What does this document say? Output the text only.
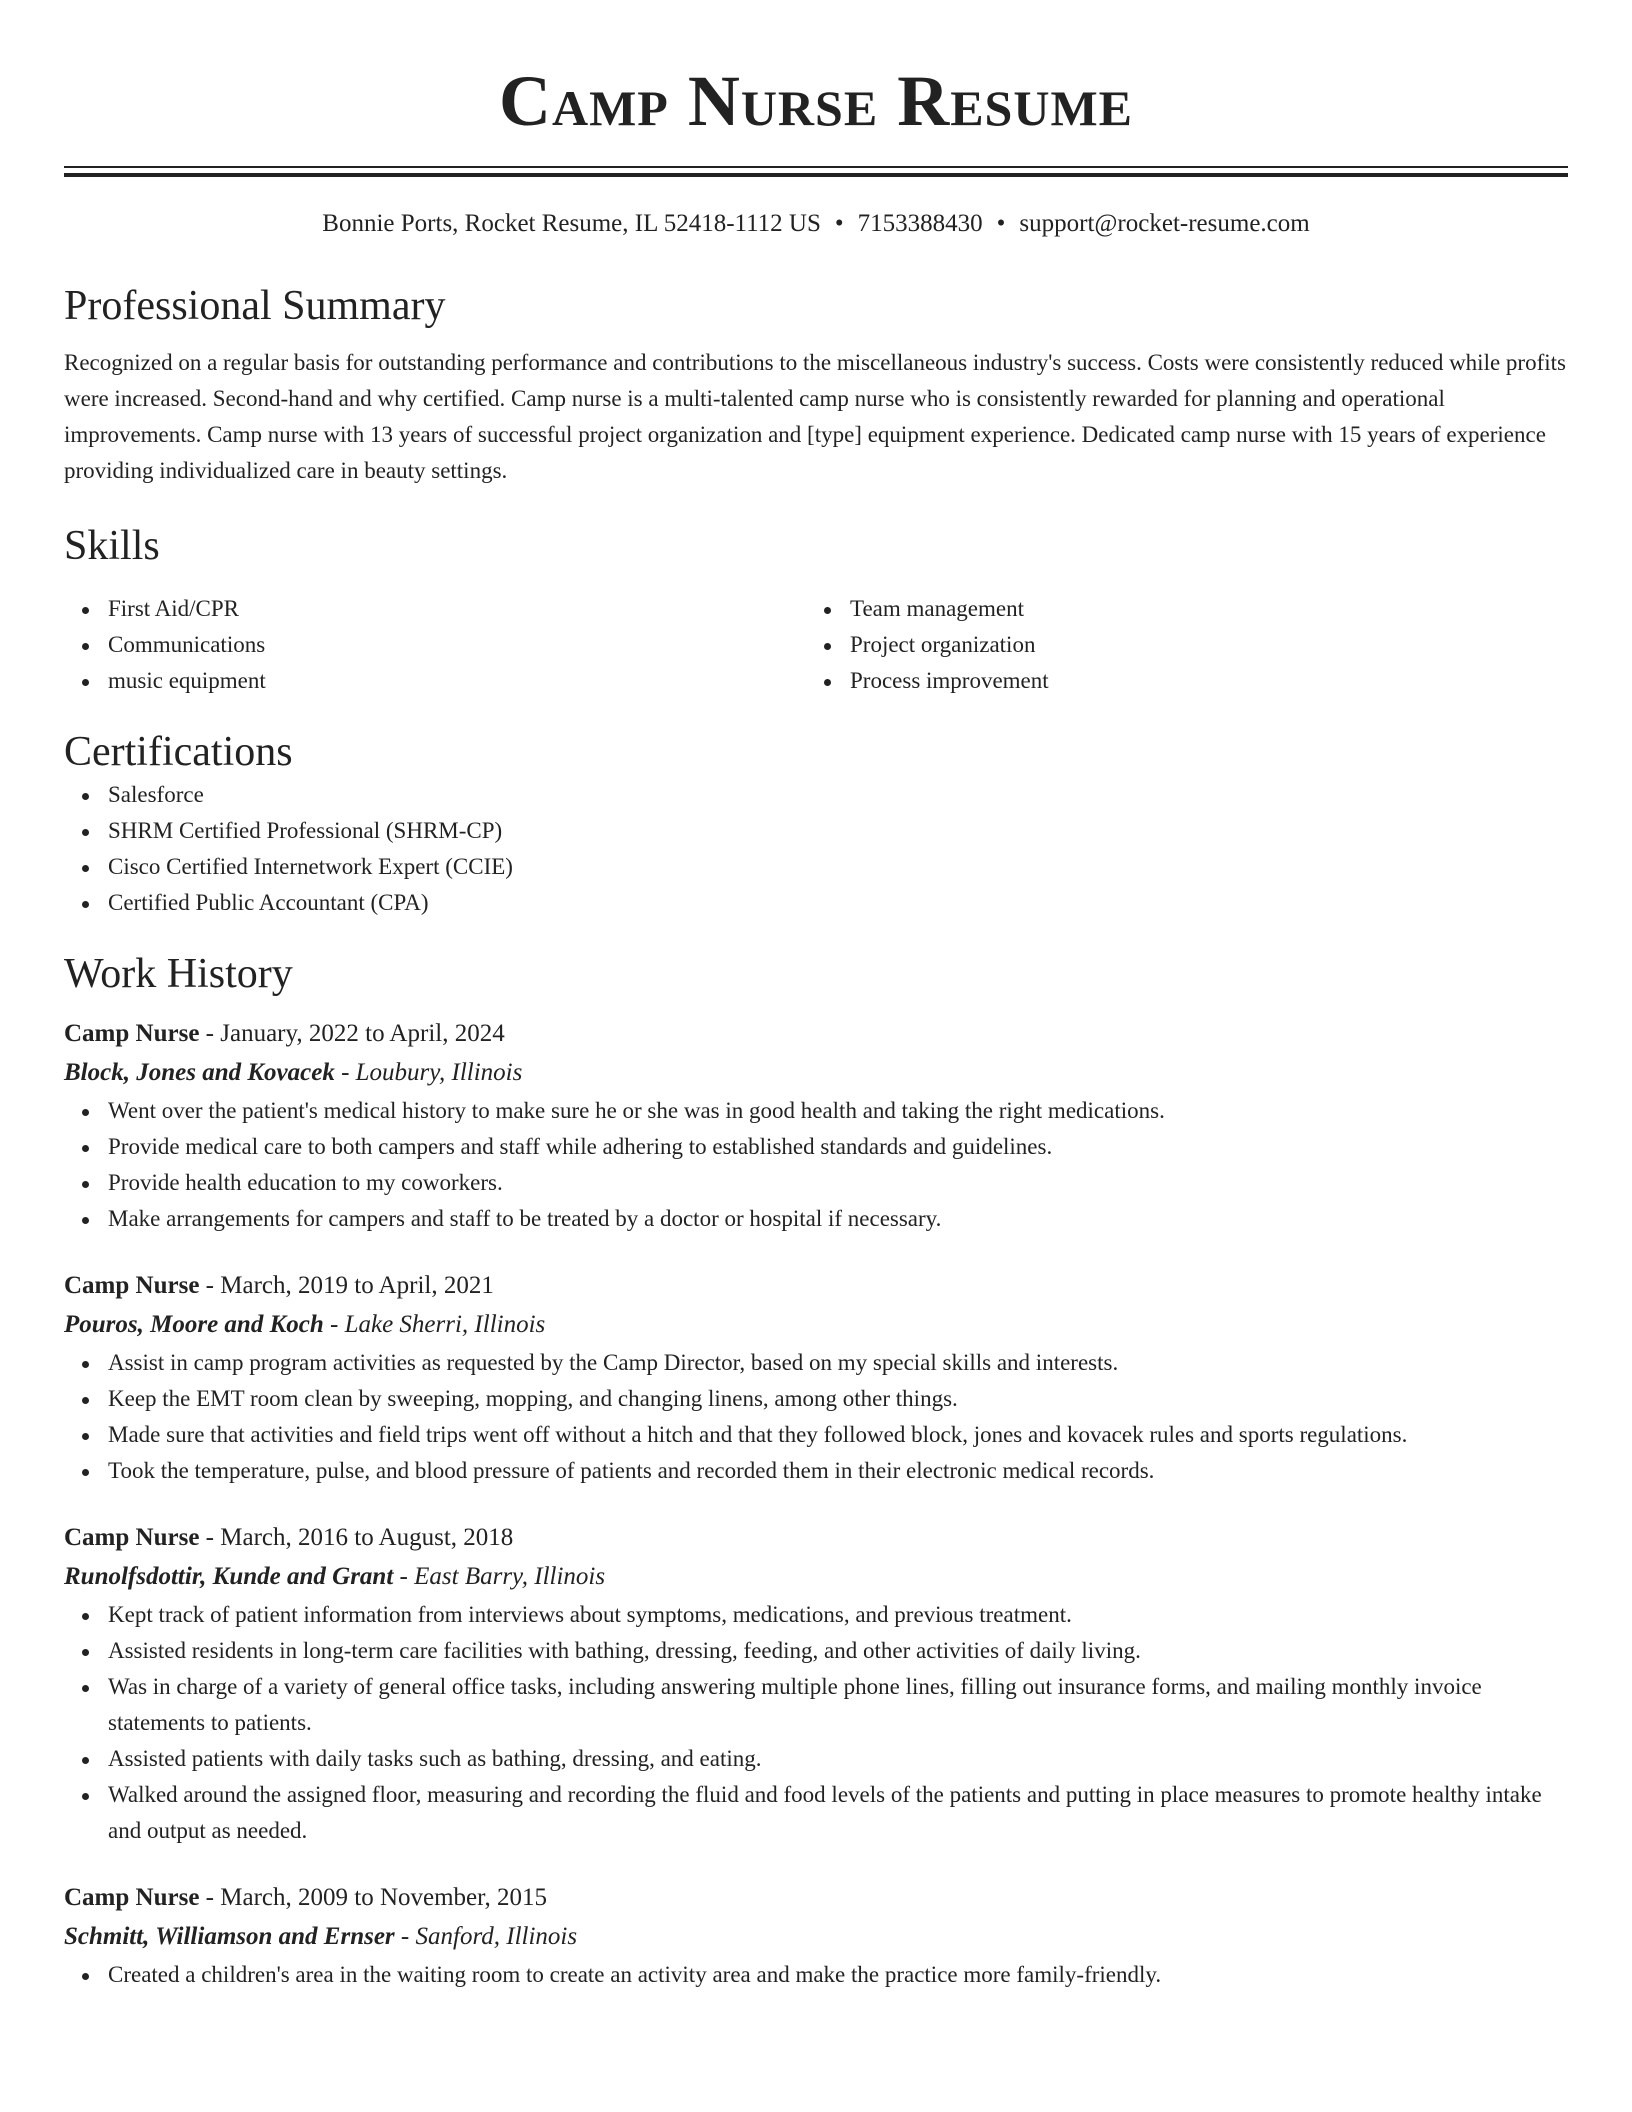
Camp Nurse Resume
Bonnie Ports, Rocket Resume, IL 52418-1112 US • 7153388430 • support@rocket-resume.com
Professional Summary

Recognized on a regular basis for outstanding performance and contributions to the miscellaneous industry's success. Costs were consistently reduced while profits were increased. Second-hand and why certified. Camp nurse is a multi-talented camp nurse who is consistently rewarded for planning and operational improvements. Camp nurse with 13 years of successful project organization and [type] equipment experience. Dedicated camp nurse with 15 years of experience providing individualized care in beauty settings.

Skills
First Aid/CPR
Communications
music equipment
Team management
Project organization
Process improvement
Certifications
Salesforce
SHRM Certified Professional (SHRM-CP)
Cisco Certified Internetwork Expert (CCIE)
Certified Public Accountant (CPA)
Work History
Camp Nurse - January, 2022 to April, 2024
Block, Jones and Kovacek - Loubury, Illinois
Went over the patient's medical history to make sure he or she was in good health and taking the right medications.
Provide medical care to both campers and staff while adhering to established standards and guidelines.
Provide health education to my coworkers.
Make arrangements for campers and staff to be treated by a doctor or hospital if necessary.
Camp Nurse - March, 2019 to April, 2021
Pouros, Moore and Koch - Lake Sherri, Illinois
Assist in camp program activities as requested by the Camp Director, based on my special skills and interests.
Keep the EMT room clean by sweeping, mopping, and changing linens, among other things.
Made sure that activities and field trips went off without a hitch and that they followed block, jones and kovacek rules and sports regulations.
Took the temperature, pulse, and blood pressure of patients and recorded them in their electronic medical records.
Camp Nurse - March, 2016 to August, 2018
Runolfsdottir, Kunde and Grant - East Barry, Illinois
Kept track of patient information from interviews about symptoms, medications, and previous treatment.
Assisted residents in long-term care facilities with bathing, dressing, feeding, and other activities of daily living.
Was in charge of a variety of general office tasks, including answering multiple phone lines, filling out insurance forms, and mailing monthly invoice statements to patients.
Assisted patients with daily tasks such as bathing, dressing, and eating.
Walked around the assigned floor, measuring and recording the fluid and food levels of the patients and putting in place measures to promote healthy intake and output as needed.
Camp Nurse - March, 2009 to November, 2015
Schmitt, Williamson and Ernser - Sanford, Illinois
Created a children's area in the waiting room to create an activity area and make the practice more family-friendly.
